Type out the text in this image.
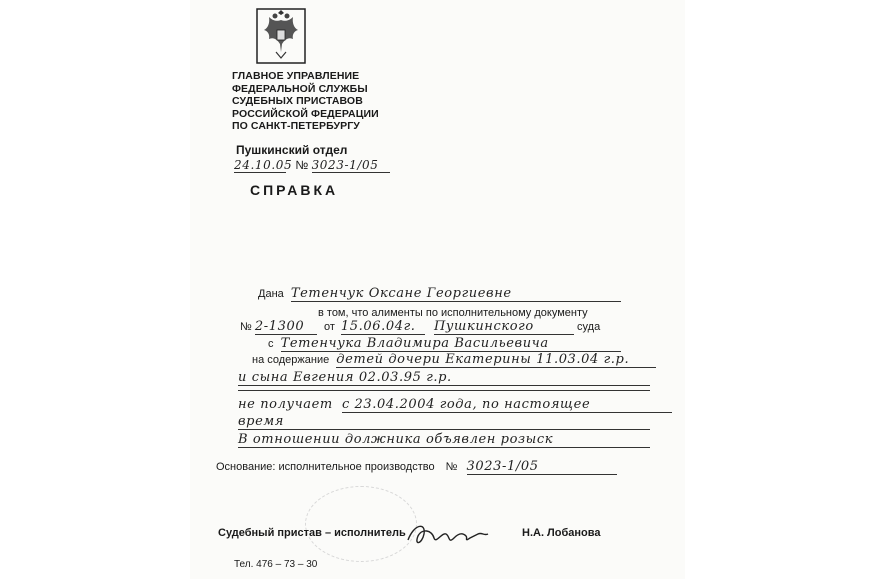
ГЛАВНОЕ УПРАВЛЕНИЕ
ФЕДЕРАЛЬНОЙ СЛУЖБЫ
СУДЕБНЫХ ПРИСТАВОВ
РОССИЙСКОЙ ФЕДЕРАЦИИ
ПО САНКТ-ПЕТЕРБУРГУ
Пушкинский отдел
24.10.05 № 3023-1/05
СПРАВКА
Дана Тетенчук Оксане Георгиевне
в том, что алименты по исполнительному документу
№ 2-1300 от 15.06.04г. Пушкинского	суда
с Тетенчука Владимира Васильевича
на содержание детей дочери Екатерины 11.03.04 г.р.
и сына Евгения 02.03.95 г.р.
не получает с 23.04.2004 года, по настоящее
время
В отношении должника объявлен розыск
Основание: исполнительное производство № 3023-1/05
Судебный пристав – исполнитель	Н.А. Лобанова
Тел. 476 – 73 – 30
